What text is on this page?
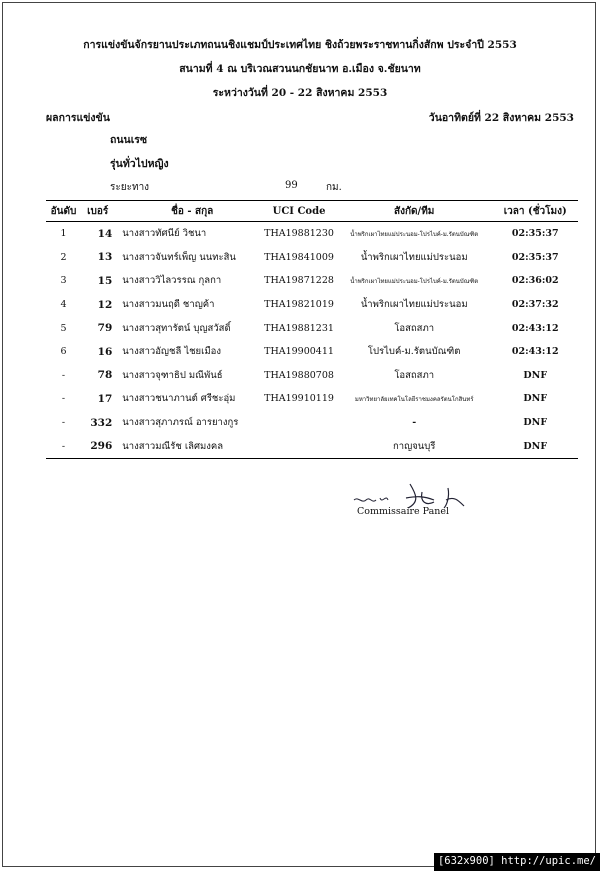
การแข่งขันจักรยานประเภทถนนชิงแชมป์ประเทศไทย ชิงถ้วยพระราชทานกิ่งสักพ ประจำปี 2553
สนามที่ 4 ณ บริเวณสวนนกชัยนาท อ.เมือง จ.ชัยนาท
ระหว่างวันที่ 20 - 22 สิงหาคม 2553
ผลการแข่งขัน	วันอาทิตย์ที่ 22 สิงหาคม 2553
ถนนเรซ
รุ่นทั่วไปหญิง
ระยะทาง	99	กม.
อันดับ	เบอร์	ชื่อ - สกุล	UCI Code	สังกัด/ทีม	เวลา (ชั่วโมง)
1	14	นางสาวทัศนีย์ วิชนา	THA19881230	น้ำพริกเผาไทยแม่ประนอม-โปรไบค์-ม.รัตนบัณฑิต	02:35:37
2	13	นางสาวจันทร์เพ็ญ นนทะสิน	THA19841009	น้ำพริกเผาไทยแม่ประนอม	02:35:37
3	15	นางสาววิไลวรรณ กุลกา	THA19871228	น้ำพริกเผาไทยแม่ประนอม-โปรไบค์-ม.รัตนบัณฑิต	02:36:02
4	12	นางสาวมนฤดี ชาญค้า	THA19821019	น้ำพริกเผาไทยแม่ประนอม	02:37:32
5	79	นางสาวสุทารัตน์ บุญสวัสดิ์	THA19881231	โอสถสภา	02:43:12
6	16	นางสาวอัญชลี ไชยเมือง	THA19900411	โปรไบค์-ม.รัตนบัณฑิต	02:43:12
-	78	นางสาวจุฑาธิป มณีพันธ์	THA19880708	โอสถสภา	DNF
-	17	นางสาวชนาภานต์ ศรีชะอุ่ม	THA19910119	มหาวิทยาลัยเทคโนโลยีราชมงคลรัตนโกสินทร์	DNF
-	332	นางสาวสุภาภรณ์ อารยางกูร		-	DNF
-	296	นางสาวมณีรัช เลิศมงคล		กาญจนบุรี	DNF
Commissaire Panel
[632x900] http://upic.me/
